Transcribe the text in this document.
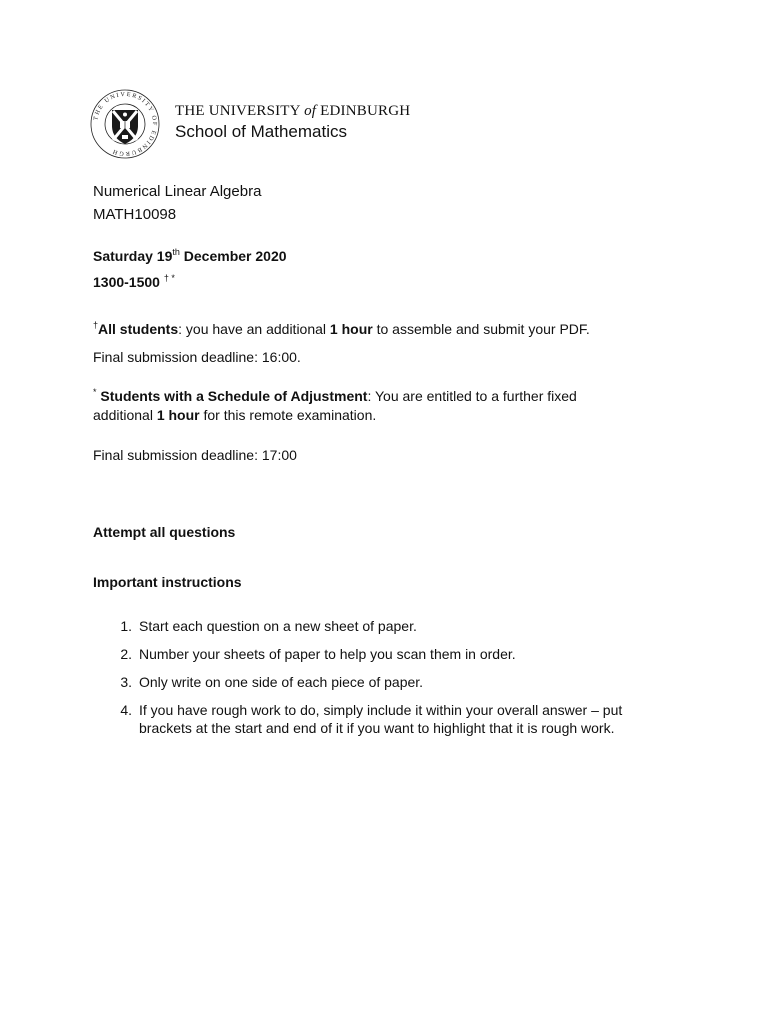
THE UNIVERSITY OF EDINBURGH
THE UNIVERSITY of EDINBURGH
School of Mathematics
Numerical Linear Algebra
MATH10098
Saturday 19th December 2020
1300-1500 † *
†All students: you have an additional 1 hour to assemble and submit your PDF.
Final submission deadline: 16:00.
* Students with a Schedule of Adjustment: You are entitled to a further fixed
additional 1 hour for this remote examination.
Final submission deadline: 17:00
Attempt all questions
Important instructions
1. Start each question on a new sheet of paper.
2. Number your sheets of paper to help you scan them in order.
3. Only write on one side of each piece of paper.
4. If you have rough work to do, simply include it within your overall answer – put
brackets at the start and end of it if you want to highlight that it is rough work.
